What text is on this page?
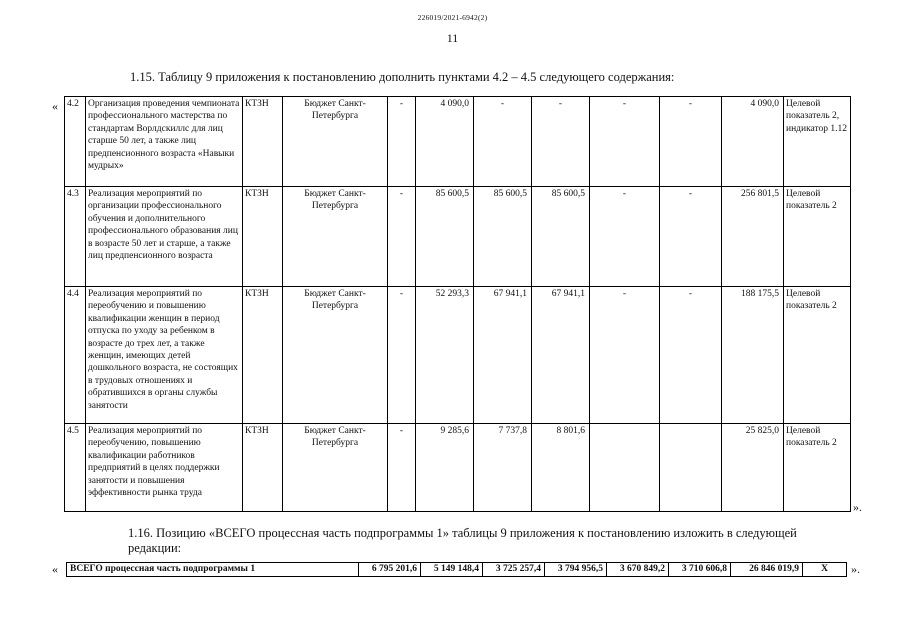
226019/2021-6942(2)
11
1.15. Таблицу 9 приложения к постановлению дополнить пунктами 4.2 – 4.5 следующего содержания:
« 4.2	Организация проведения чемпионата профессионального мастерства по стандартам Ворлдскиллс для лиц старше 50 лет, а также лиц предпенсионного возраста «Навыки мудрых»	КТЗН	Бюджет Санкт-Петербурга	-	4 090,0	-	-	-	-	4 090,0	Целевой показатель 2, индикатор 1.12
4.3	Реализация мероприятий по организации профессионального обучения и дополнительного профессионального образования лиц в возрасте 50 лет и старше, а также лиц предпенсионного возраста	КТЗН	Бюджет Санкт-Петербурга	-	85 600,5	85 600,5	85 600,5	-	-	256 801,5	Целевой показатель 2
4.4	Реализация мероприятий по переобучению и повышению квалификации женщин в период отпуска по уходу за ребенком в возрасте до трех лет, а также женщин, имеющих детей дошкольного возраста, не состоящих в трудовых отношениях и обратившихся в органы службы занятости	КТЗН	Бюджет Санкт-Петербурга	-	52 293,3	67 941,1	67 941,1	-	-	188 175,5	Целевой показатель 2
4.5	Реализация мероприятий по переобучению, повышению квалификации работников предприятий в целях поддержки занятости и повышения эффективности рынка труда	КТЗН	Бюджет Санкт-Петербурга	-	9 285,6	7 737,8	8 801,6			25 825,0	Целевой показатель 2
».
1.16. Позицию «ВСЕГО процессная часть подпрограммы 1» таблицы 9 приложения к постановлению изложить в следующей редакции:
« ВСЕГО процессная часть подпрограммы 1	6 795 201,6	5 149 148,4	3 725 257,4	3 794 956,5	3 670 849,2	3 710 606,8	26 846 019,9	Х ».
